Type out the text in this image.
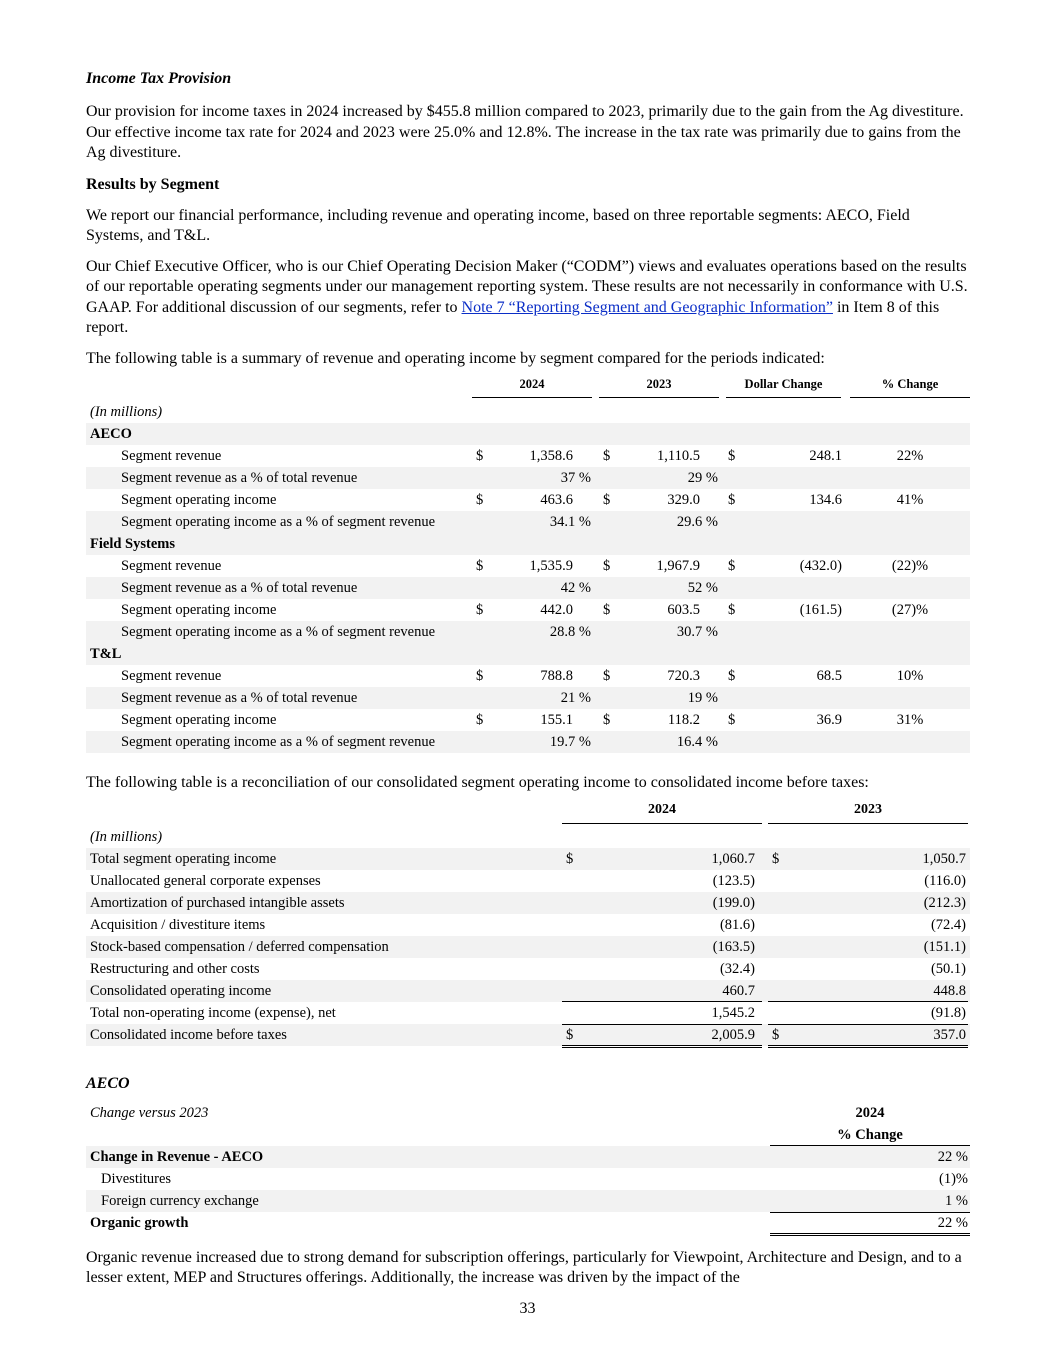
Income Tax Provision

Our provision for income taxes in 2024 increased by $455.8 million compared to 2023, primarily due to the gain from the Ag divestiture. Our effective income tax rate for 2024 and 2023 were 25.0% and 12.8%. The increase in the tax rate was primarily due to gains from the Ag divestiture.

Results by Segment

We report our financial performance, including revenue and operating income, based on three reportable segments: AECO, Field Systems, and T&L.

Our Chief Executive Officer, who is our Chief Operating Decision Maker (“CODM”) views and evaluates operations based on the results of our reportable operating segments under our management reporting system. These results are not necessarily in conformance with U.S. GAAP. For additional discussion of our segments, refer to Note 7 “Reporting Segment and Geographic Information” in Item 8 of this report.

The following table is a summary of revenue and operating income by segment compared for the periods indicated:

2024	2023	Dollar Change	% Change
(In millions)
AECO
Segment revenue	$	1,358.6 $	1,110.5 $	248.1	22%
Segment revenue as a % of total revenue	37 %	29 %
Segment operating income	$	463.6 $	329.0 $	134.6	41%
Segment operating income as a % of segment revenue	34.1 %	29.6 %
Field Systems
Segment revenue	$	1,535.9 $	1,967.9 $	(432.0)	(22)%
Segment revenue as a % of total revenue	42 %	52 %
Segment operating income	$	442.0 $	603.5 $	(161.5)	(27)%
Segment operating income as a % of segment revenue	28.8 %	30.7 %
T&L
Segment revenue	$	788.8 $	720.3 $	68.5	10%
Segment revenue as a % of total revenue	21 %	19 %
Segment operating income	$	155.1 $	118.2 $	36.9	31%
Segment operating income as a % of segment revenue	19.7 %	16.4 %

The following table is a reconciliation of our consolidated segment operating income to consolidated income before taxes:

2024	2023
(In millions)
Total segment operating income	$	1,060.7 $	1,050.7
Unallocated general corporate expenses	(123.5)	(116.0)
Amortization of purchased intangible assets	(199.0)	(212.3)
Acquisition / divestiture items	(81.6)	(72.4)
Stock-based compensation / deferred compensation	(163.5)	(151.1)
Restructuring and other costs	(32.4)	(50.1)
Consolidated operating income	460.7	448.8
Total non-operating income (expense), net	1,545.2	(91.8)
Consolidated income before taxes	$	2,005.9 $	357.0
AECO
Change versus 2023	2024
% Change
Change in Revenue - AECO	22 %
Divestitures	(1)%
Foreign currency exchange	1 %
Organic growth	22 %

Organic revenue increased due to strong demand for subscription offerings, particularly for Viewpoint, Architecture and Design, and to a lesser extent, MEP and Structures offerings. Additionally, the increase was driven by the impact of the

33
